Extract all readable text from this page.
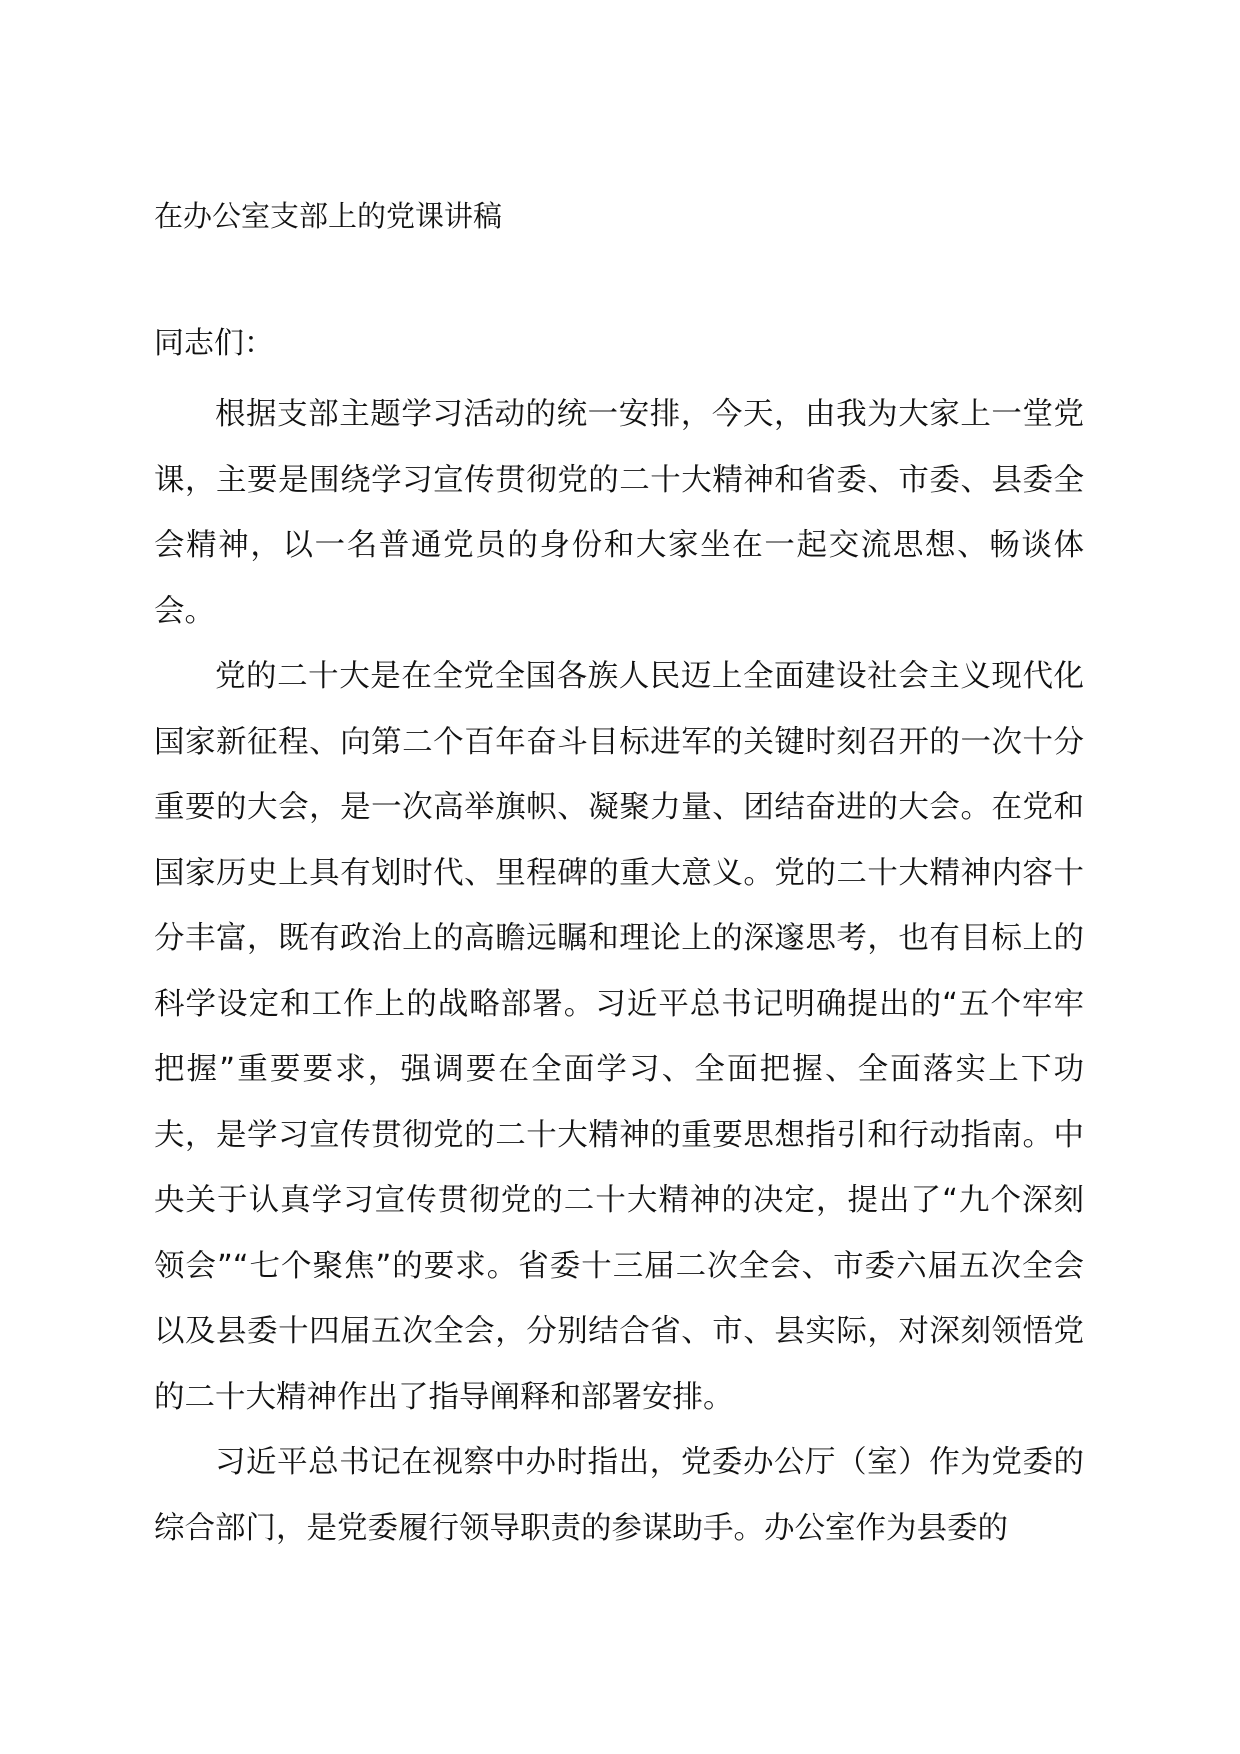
在办公室支部上的党课讲稿

同志们：

根据支部主题学习活动的统一安排，今天，由我为大家上一堂党课，主要是围绕学习宣传贯彻党的二十大精神和省委、市委、县委全会精神，以一名普通党员的身份和大家坐在一起交流思想、畅谈体会。

党的二十大是在全党全国各族人民迈上全面建设社会主义现代化国家新征程、向第二个百年奋斗目标进军的关键时刻召开的一次十分重要的大会，是一次高举旗帜、凝聚力量、团结奋进的大会。在党和国家历史上具有划时代、里程碑的重大意义。党的二十大精神内容十分丰富，既有政治上的高瞻远瞩和理论上的深邃思考，也有目标上的科学设定和工作上的战略部署。习近平总书记明确提出的“五个牢牢把握”重要要求，强调要在全面学习、全面把握、全面落实上下功夫，是学习宣传贯彻党的二十大精神的重要思想指引和行动指南。中央关于认真学习宣传贯彻党的二十大精神的决定，提出了“九个深刻领会”“七个聚焦”的要求。省委十三届二次全会、市委六届五次全会以及县委十四届五次全会，分别结合省、市、县实际，对深刻领悟党的二十大精神作出了指导阐释和部署安排。

习近平总书记在视察中办时指出，党委办公厅（室）作为党委的综合部门，是党委履行领导职责的参谋助手。办公室作为县委的
